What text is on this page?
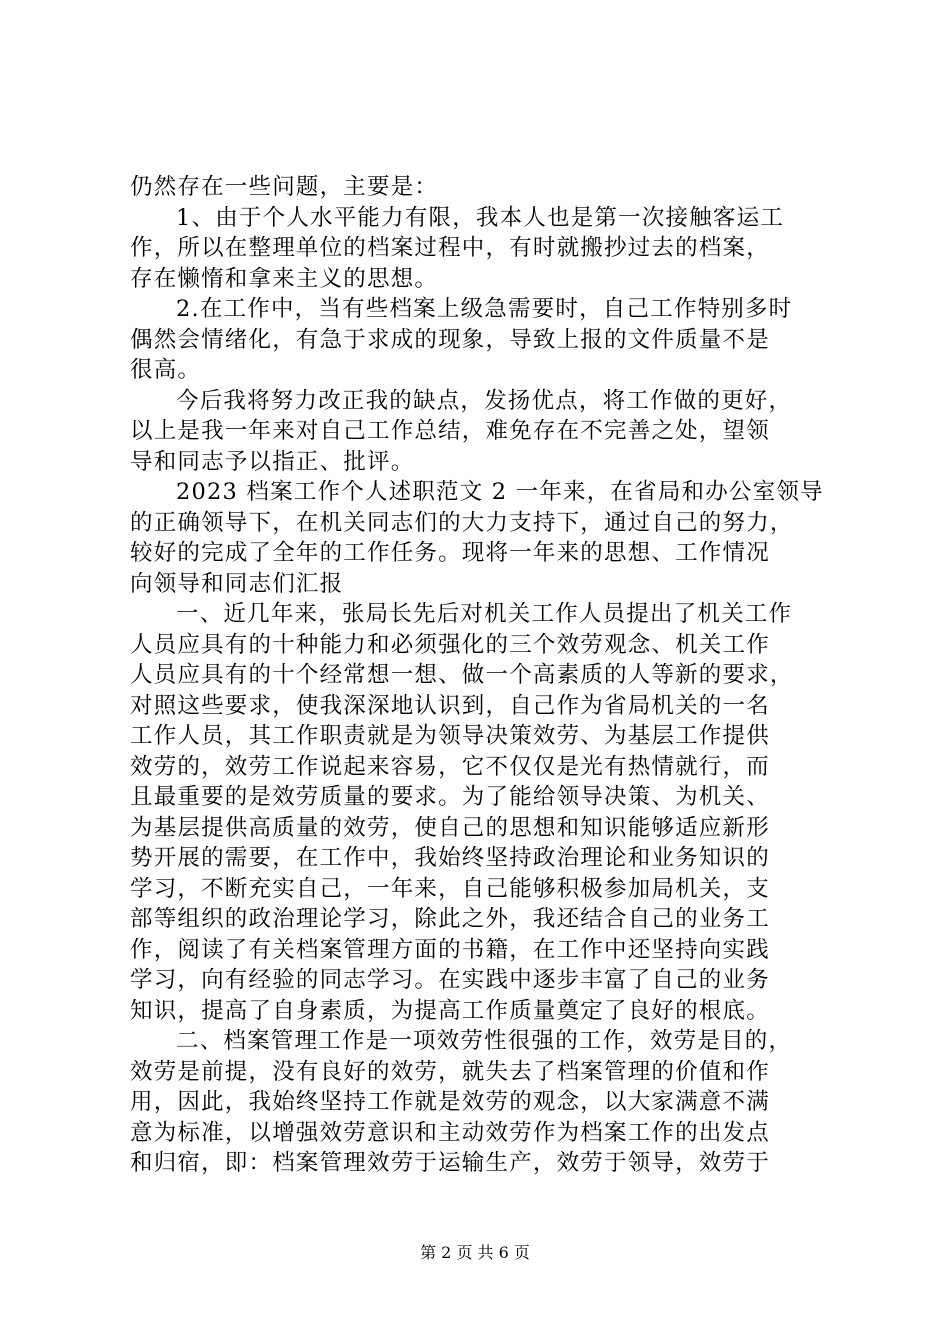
仍然存在一些问题，主要是：
1、由于个人水平能力有限，我本人也是第一次接触客运工
作，所以在整理单位的档案过程中，有时就搬抄过去的档案，
存在懒惰和拿来主义的思想。
2.在工作中，当有些档案上级急需要时，自己工作特别多时
偶然会情绪化，有急于求成的现象，导致上报的文件质量不是
很高。
今后我将努力改正我的缺点，发扬优点，将工作做的更好，
以上是我一年来对自己工作总结，难免存在不完善之处，望领
导和同志予以指正、批评。
2023 档案工作个人述职范文 2 一年来，在省局和办公室领导
的正确领导下，在机关同志们的大力支持下，通过自己的努力，
较好的完成了全年的工作任务。现将一年来的思想、工作情况
向领导和同志们汇报
一、近几年来，张局长先后对机关工作人员提出了机关工作
人员应具有的十种能力和必须强化的三个效劳观念、机关工作
人员应具有的十个经常想一想、做一个高素质的人等新的要求，
对照这些要求，使我深深地认识到，自己作为省局机关的一名
工作人员，其工作职责就是为领导决策效劳、为基层工作提供
效劳的，效劳工作说起来容易，它不仅仅是光有热情就行，而
且最重要的是效劳质量的要求。为了能给领导决策、为机关、
为基层提供高质量的效劳，使自己的思想和知识能够适应新形
势开展的需要，在工作中，我始终坚持政治理论和业务知识的
学习，不断充实自己，一年来，自己能够积极参加局机关，支
部等组织的政治理论学习，除此之外，我还结合自己的业务工
作，阅读了有关档案管理方面的书籍，在工作中还坚持向实践
学习，向有经验的同志学习。在实践中逐步丰富了自己的业务
知识，提高了自身素质，为提高工作质量奠定了良好的根底。
二、档案管理工作是一项效劳性很强的工作，效劳是目的，
效劳是前提，没有良好的效劳，就失去了档案管理的价值和作
用，因此，我始终坚持工作就是效劳的观念，以大家满意不满
意为标准，以增强效劳意识和主动效劳作为档案工作的出发点
和归宿，即：档案管理效劳于运输生产，效劳于领导，效劳于
第 2 页 共 6 页
